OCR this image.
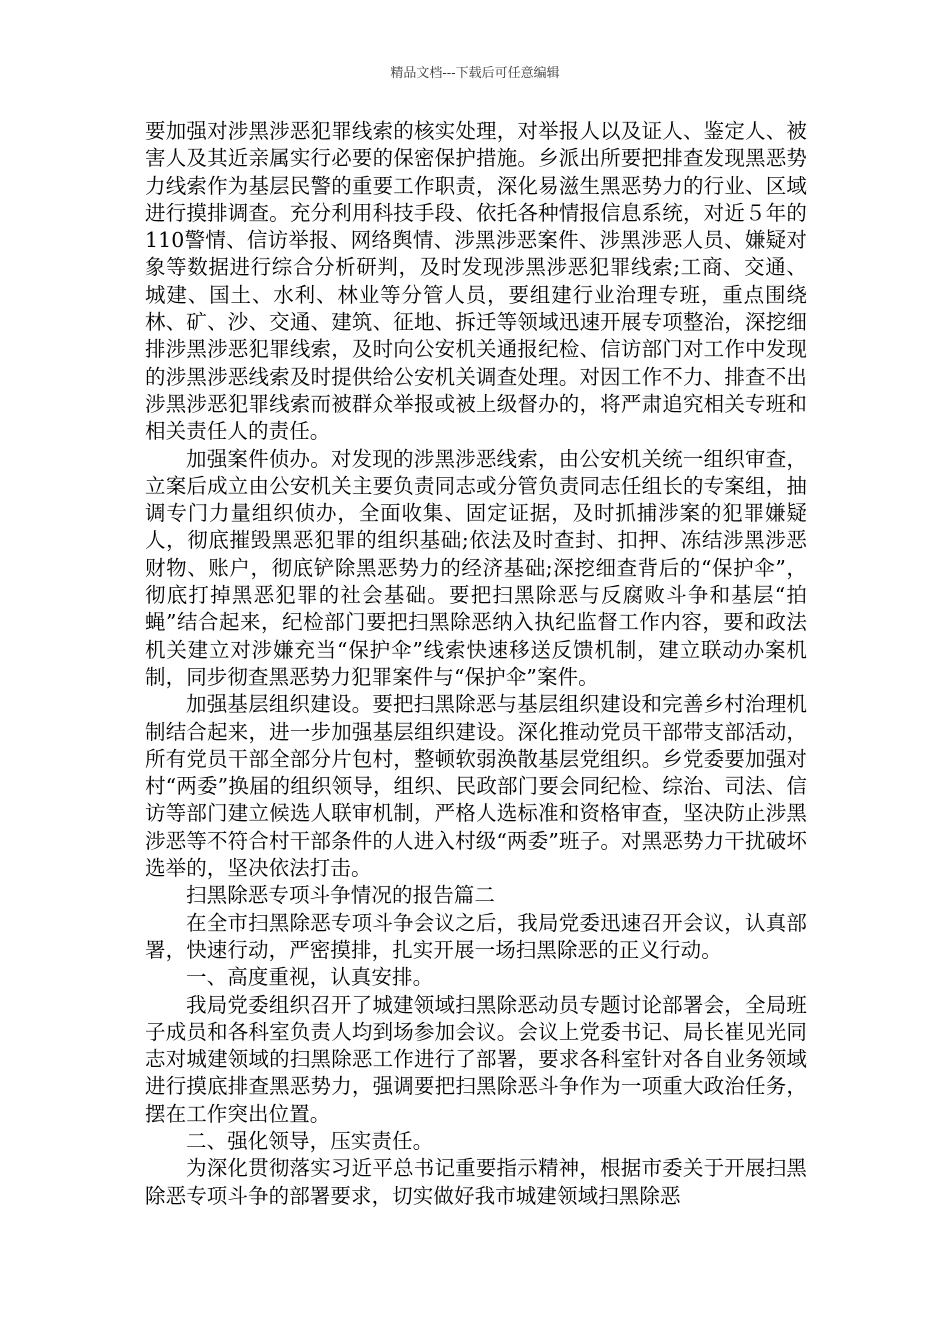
精品文档---下载后可任意编辑

要加强对涉黑涉恶犯罪线索的核实处理，对举报人以及证人、鉴定人、被害人及其近亲属实行必要的保密保护措施。乡派出所要把排查发现黑恶势力线索作为基层民警的重要工作职责，深化易滋生黑恶势力的行业、区域进行摸排调查。充分利用科技手段、依托各种情报信息系统，对近５年的110警情、信访举报、网络舆情、涉黑涉恶案件、涉黑涉恶人员、嫌疑对象等数据进行综合分析研判，及时发现涉黑涉恶犯罪线索;工商、交通、城建、国土、水利、林业等分管人员，要组建行业治理专班，重点围绕林、矿、沙、交通、建筑、征地、拆迁等领域迅速开展专项整治，深挖细排涉黑涉恶犯罪线索，及时向公安机关通报纪检、信访部门对工作中发现的涉黑涉恶线索及时提供给公安机关调查处理。对因工作不力、排查不出涉黑涉恶犯罪线索而被群众举报或被上级督办的，将严肃追究相关专班和相关责任人的责任。

加强案件侦办。对发现的涉黑涉恶线索，由公安机关统一组织审查，立案后成立由公安机关主要负责同志或分管负责同志任组长的专案组，抽调专门力量组织侦办，全面收集、固定证据，及时抓捕涉案的犯罪嫌疑人，彻底摧毁黑恶犯罪的组织基础;依法及时查封、扣押、冻结涉黑涉恶财物、账户，彻底铲除黑恶势力的经济基础;深挖细查背后的“保护伞”，彻底打掉黑恶犯罪的社会基础。要把扫黑除恶与反腐败斗争和基层“拍蝇”结合起来，纪检部门要把扫黑除恶纳入执纪监督工作内容，要和政法机关建立对涉嫌充当“保护伞”线索快速移送反馈机制，建立联动办案机制，同步彻查黑恶势力犯罪案件与“保护伞”案件。

加强基层组织建设。要把扫黑除恶与基层组织建设和完善乡村治理机制结合起来，进一步加强基层组织建设。深化推动党员干部带支部活动，所有党员干部全部分片包村，整顿软弱涣散基层党组织。乡党委要加强对村“两委”换届的组织领导，组织、民政部门要会同纪检、综治、司法、信访等部门建立候选人联审机制，严格人选标准和资格审查，坚决防止涉黑涉恶等不符合村干部条件的人进入村级“两委”班子。对黑恶势力干扰破坏选举的，坚决依法打击。

扫黑除恶专项斗争情况的报告篇二

在全市扫黑除恶专项斗争会议之后，我局党委迅速召开会议，认真部署，快速行动，严密摸排，扎实开展一场扫黑除恶的正义行动。

一、高度重视，认真安排。

我局党委组织召开了城建领域扫黑除恶动员专题讨论部署会，全局班子成员和各科室负责人均到场参加会议。会议上党委书记、局长崔见光同志对城建领域的扫黑除恶工作进行了部署，要求各科室针对各自业务领域进行摸底排查黑恶势力，强调要把扫黑除恶斗争作为一项重大政治任务，摆在工作突出位置。

二、强化领导，压实责任。

为深化贯彻落实习近平总书记重要指示精神，根据市委关于开展扫黑除恶专项斗争的部署要求，切实做好我市城建领域扫黑除恶
